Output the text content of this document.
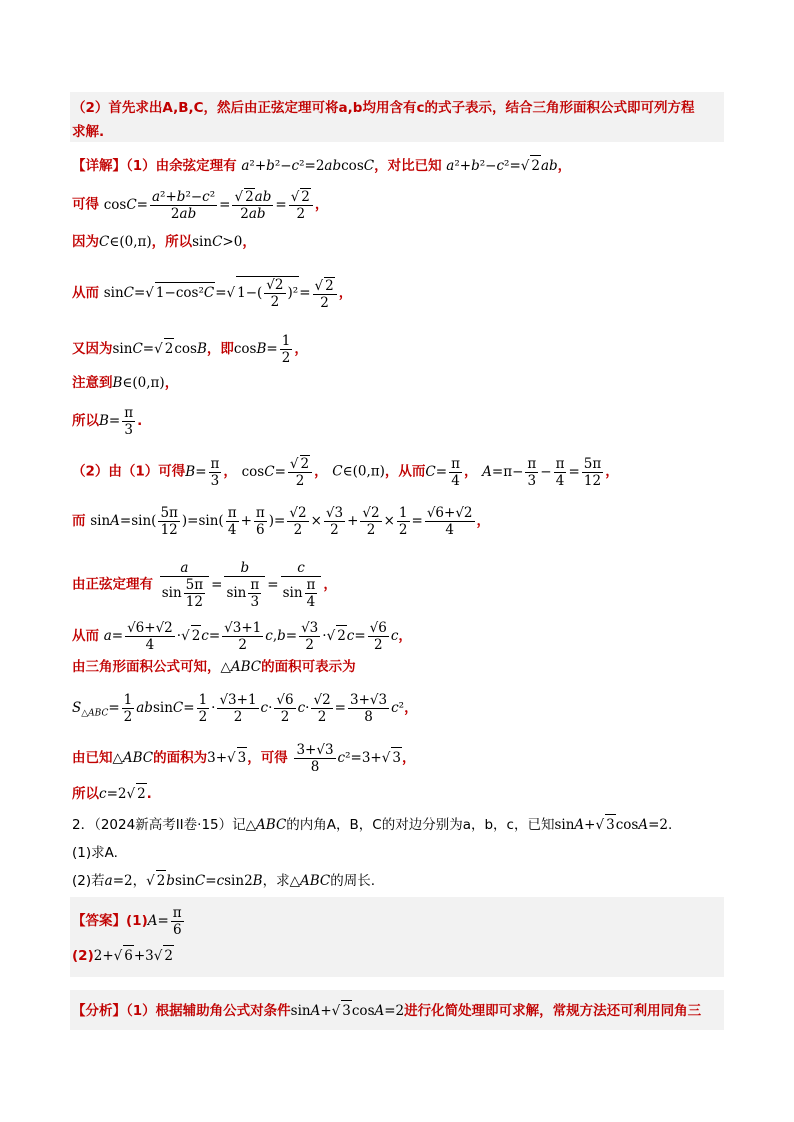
（2）首先求出A,B,C，然后由正弦定理可将a,b均用含有c的式子表示，结合三角形面积公式即可列方程
求解.
【详解】（1）由余弦定理有 a²+b²−c²=2abcosC，对比已知 a²+b²−c²=√ 2ab，
可得 $\cos C= \frac{\text{a²+b²−c²}}{2ab} = \frac{√ 2ab}{2ab} = \frac{√ 2}{2}$ ，
因为C∈(0,π)，所以sinC>0，
从而 sinC=√ 1−cos²C=√ $1-( \frac{√2}{2} )^2= \frac{√ 2}{2}$ ，
又因为sinC=√ 2cosB，即$\cos B= \frac{1}{2}$ ，
注意到B∈(0,π)，
所以$B= \frac{\pi}{3}$ .
（2）由（1）可得$B= \frac{\pi}{3}$ ， $\cos C= \frac{√ 2}{2}$ ， C∈(0,π)，从而$C= \frac{\pi}{4}$ ， $A=\pi- \frac{\pi}{3} - \frac{\pi}{4} = \frac{5\pi}{12}$ ，
而 $\sin A=\sin( \frac{5\pi}{12} )=\sin( \frac{\pi}{4} + \frac{\pi}{6}$ )= $\frac{√2}{2} \times \frac{√3}{2} + \frac{√2}{2} \times \frac{1}{2} = \frac{√6+√2}{4}$ ，
由正弦定理有 $\frac{a}{\sin \frac{5\pi}{12}} = \frac{b}{\sin \frac{\pi}{3}} = \frac{c}{\sin \frac{\pi}{4}}$ ，
从而 $a= \frac{√6+√2}{4}$ ·√ $2c= \frac{√3+1}{2} c,b= \frac{√3}{2}$ ·√ $2c= \frac{√6}{2}$ c，
由三角形面积公式可知，△ABC的面积可表示为
$S_{\triangle ABC}= \frac{1}{2} absinC= \frac{1}{2} \cdot \frac{√3+1}{2} c\cdot \frac{√6}{2} c\cdot \frac{√2}{2} = \frac{3+√3}{8} c^2$，
由已知△ABC的面积为3+√ 3，可得 $\frac{3+√3}{8} c^2=3+√$ 3，
所以c=2√ 2.
2．（2024新高考II卷·15）记△ABC的内角A，B，C的对边分别为a，b，c，已知sinA+√ 3cosA=2.
(1)求A.
(2)若a=2，√ 2bsinC=csin2B，求△ABC的周长.
【答案】$(1)A= \frac{\pi}{6}$
(2)2+√ 6+3√ 2
【分析】（1）根据辅助角公式对条件sinA+√ 3cosA=2进行化简处理即可求解，常规方法还可利用同角三
